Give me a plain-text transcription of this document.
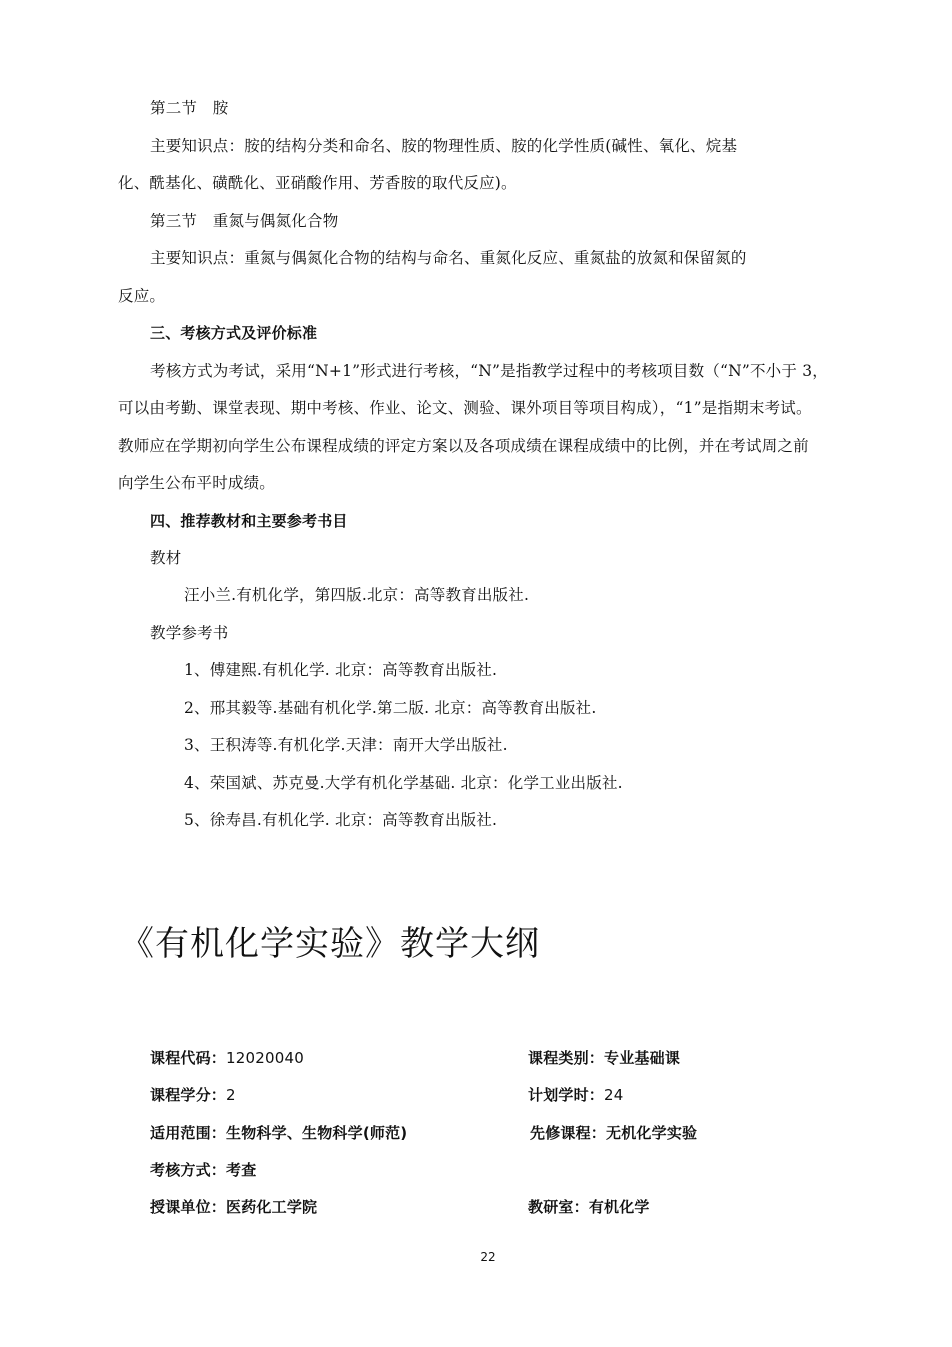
第二节　胺
主要知识点：胺的结构分类和命名、胺的物理性质、胺的化学性质(碱性、氧化、烷基
化、酰基化、磺酰化、亚硝酸作用、芳香胺的取代反应)。
第三节　重氮与偶氮化合物
主要知识点：重氮与偶氮化合物的结构与命名、重氮化反应、重氮盐的放氮和保留氮的
反应。
三、考核方式及评价标准
考核方式为考试，采用“N+1”形式进行考核，“N”是指教学过程中的考核项目数（“N”不小于 3，
可以由考勤、课堂表现、期中考核、作业、论文、测验、课外项目等项目构成），“1”是指期末考试。
教师应在学期初向学生公布课程成绩的评定方案以及各项成绩在课程成绩中的比例，并在考试周之前
向学生公布平时成绩。
四、推荐教材和主要参考书目
教材
汪小兰.有机化学，第四版.北京：高等教育出版社.
教学参考书
1、傅建熙.有机化学. 北京：高等教育出版社.
2、邢其毅等.基础有机化学.第二版. 北京：高等教育出版社.
3、王积涛等.有机化学.天津：南开大学出版社.
4、荣国斌、苏克曼.大学有机化学基础. 北京：化学工业出版社.
5、徐寿昌.有机化学. 北京：高等教育出版社.
《有机化学实验》教学大纲
课程代码：12020040	课程类别：专业基础课
课程学分：2	计划学时：24
适用范围：生物科学、生物科学(师范)	先修课程：无机化学实验
考核方式：考查
授课单位：医药化工学院	教研室：有机化学
22
